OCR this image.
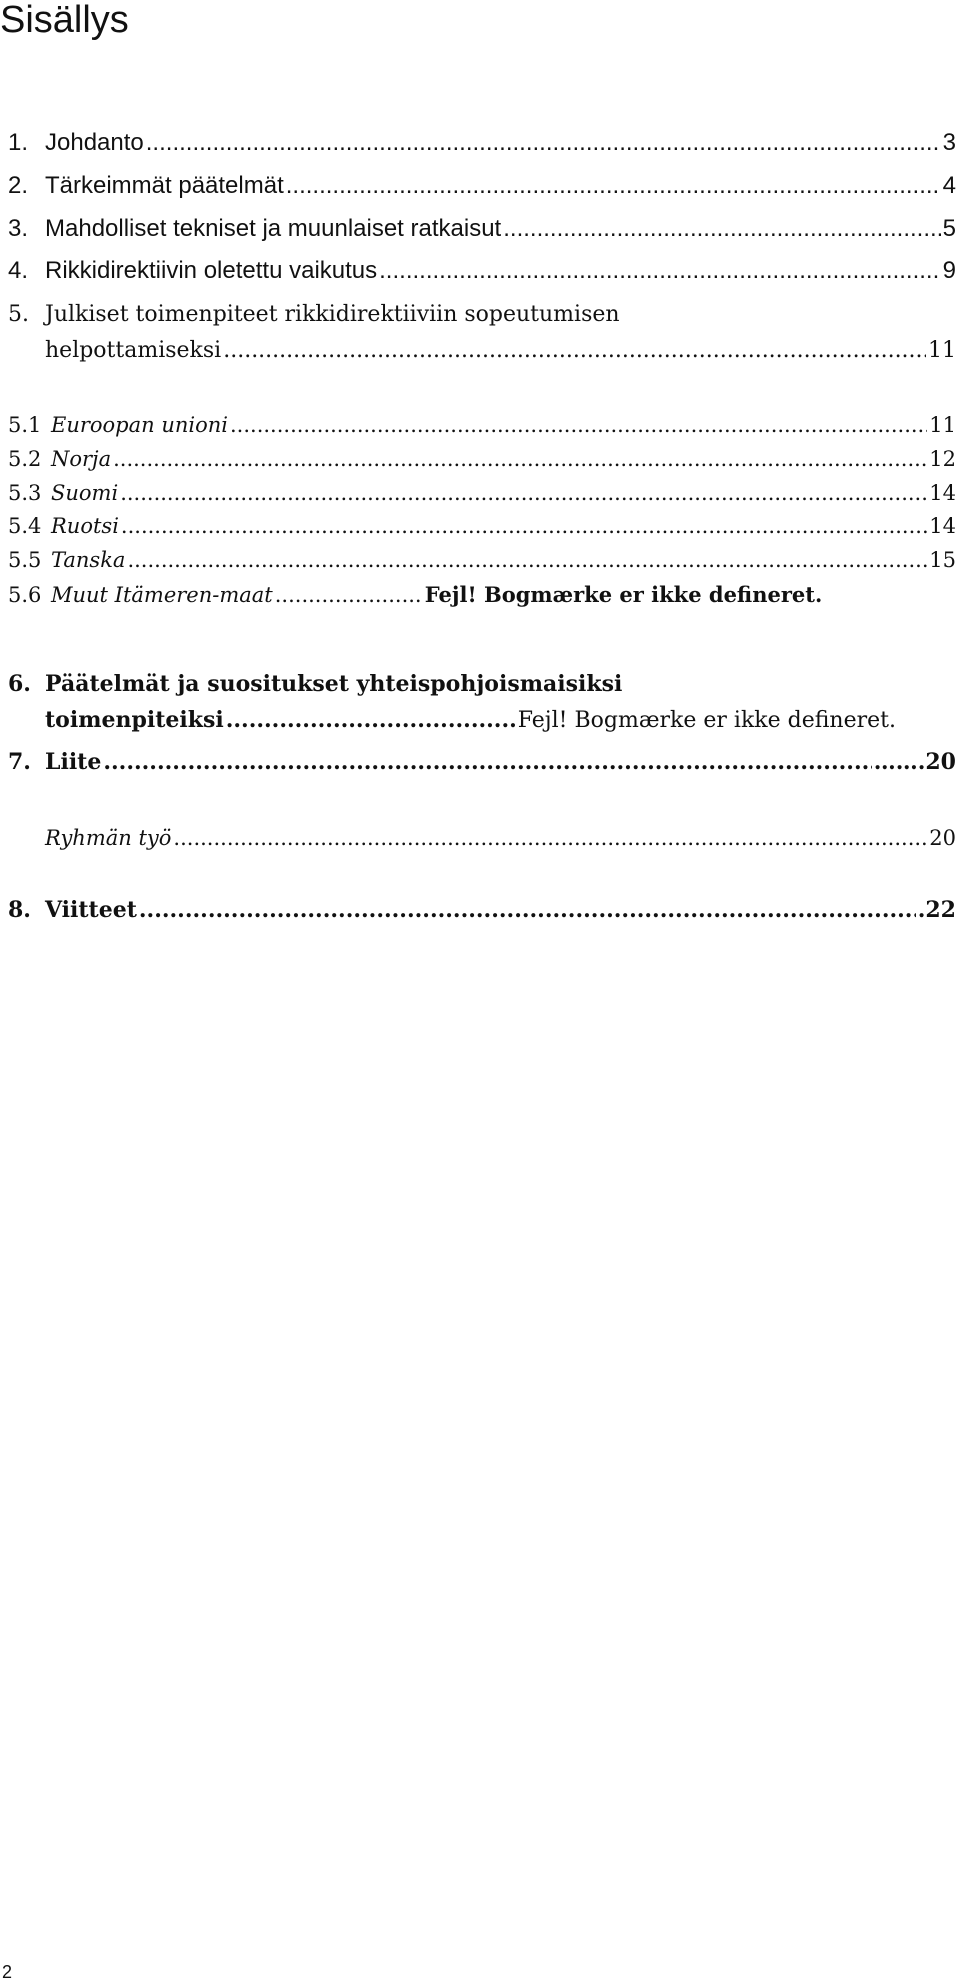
Sisällys
1. Johdanto .....	3
2. Tärkeimmät päätelmät .....	4
3. Mahdolliset tekniset ja muunlaiset ratkaisut .....	5
4. Rikkidirektiivin oletettu vaikutus .....	9
5. Julkiset toimenpiteet rikkidirektiiviin sopeutumisen
helpottamiseksi .....	11
5.1 Euroopan unioni .....	11
5.2 Norja .....	12
5.3 Suomi .....	14
5.4 Ruotsi .....	14
5.5 Tanska .....	15
5.6 Muut Itämeren-maat .....	Fejl! Bogmærke er ikke defineret.
6. Päätelmät ja suositukset yhteispohjoismaisiksi
toimenpiteiksi .....	Fejl! Bogmærke er ikke defineret.
7. Liite .....	…….20
Ryhmän työ .....	20
8. Viitteet .....	.22
2
